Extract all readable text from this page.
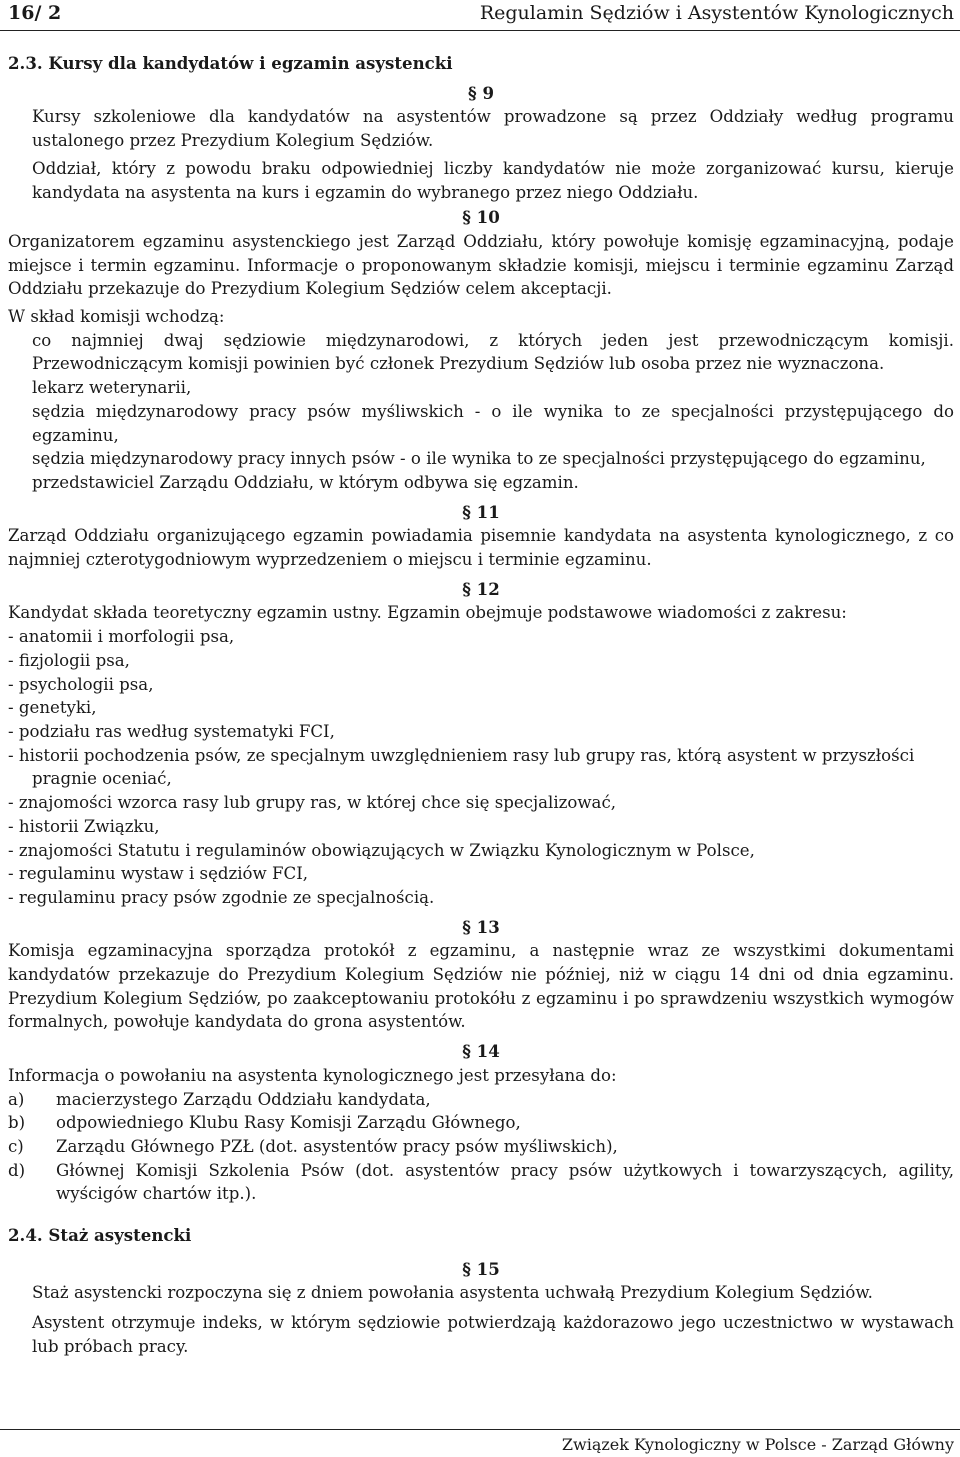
16/ 2	Regulamin Sędziów i Asystentów Kynologicznych

2.3. Kursy dla kandydatów i egzamin asystencki

§ 9

Kursy szkoleniowe dla kandydatów na asystentów prowadzone są przez Oddziały według programu ustalonego przez Prezydium Kolegium Sędziów.

Oddział, który z powodu braku odpowiedniej liczby kandydatów nie może zorganizować kursu, kieruje kandydata na asystenta na kurs i egzamin do wybranego przez niego Oddziału.

§ 10

Organizatorem egzaminu asystenckiego jest Zarząd Oddziału, który powołuje komisję egzaminacyjną, podaje miejsce i termin egzaminu. Informacje o proponowanym składzie komisji, miejscu i terminie egzaminu Zarząd Oddziału przekazuje do Prezydium Kolegium Sędziów celem akceptacji.

W skład komisji wchodzą:

co najmniej dwaj sędziowie międzynarodowi, z których jeden jest przewodniczącym komisji. Przewodniczącym komisji powinien być członek Prezydium Sędziów lub osoba przez nie wyznaczona.

lekarz weterynarii,

sędzia międzynarodowy pracy psów myśliwskich - o ile wynika to ze specjalności przystępującego do egzaminu,

sędzia międzynarodowy pracy innych psów - o ile wynika to ze specjalności przystępującego do egzaminu,

przedstawiciel Zarządu Oddziału, w którym odbywa się egzamin.

§ 11

Zarząd Oddziału organizującego egzamin powiadamia pisemnie kandydata na asystenta kynologicznego, z co najmniej czterotygodniowym wyprzedzeniem o miejscu i terminie egzaminu.

§ 12

Kandydat składa teoretyczny egzamin ustny. Egzamin obejmuje podstawowe wiadomości z zakresu:

- anatomii i morfologii psa,

- fizjologii psa,

- psychologii psa,

- genetyki,

- podziału ras według systematyki FCI,

- historii pochodzenia psów, ze specjalnym uwzględnieniem rasy lub grupy ras, którą asystent w przyszłości pragnie oceniać,

- znajomości wzorca rasy lub grupy ras, w której chce się specjalizować,

- historii Związku,

- znajomości Statutu i regulaminów obowiązujących w Związku Kynologicznym w Polsce,

- regulaminu wystaw i sędziów FCI,

- regulaminu pracy psów zgodnie ze specjalnością.

§ 13

Komisja egzaminacyjna sporządza protokół z egzaminu, a następnie wraz ze wszystkimi dokumentami kandydatów przekazuje do Prezydium Kolegium Sędziów nie później, niż w ciągu 14 dni od dnia egzaminu. Prezydium Kolegium Sędziów, po zaakceptowaniu protokółu z egzaminu i po sprawdzeniu wszystkich wymogów formalnych, powołuje kandydata do grona asystentów.

§ 14

Informacja o powołaniu na asystenta kynologicznego jest przesyłana do:

a) macierzystego Zarządu Oddziału kandydata,

b) odpowiedniego Klubu Rasy Komisji Zarządu Głównego,

c) Zarządu Głównego PZŁ (dot. asystentów pracy psów myśliwskich),

d) Głównej Komisji Szkolenia Psów (dot. asystentów pracy psów użytkowych i towarzyszących, agility, wyścigów chartów itp.).

2.4. Staż asystencki

§ 15

Staż asystencki rozpoczyna się z dniem powołania asystenta uchwałą Prezydium Kolegium Sędziów.

Asystent otrzymuje indeks, w którym sędziowie potwierdzają każdorazowo jego uczestnictwo w wystawach lub próbach pracy.

Związek Kynologiczny w Polsce - Zarząd Główny
